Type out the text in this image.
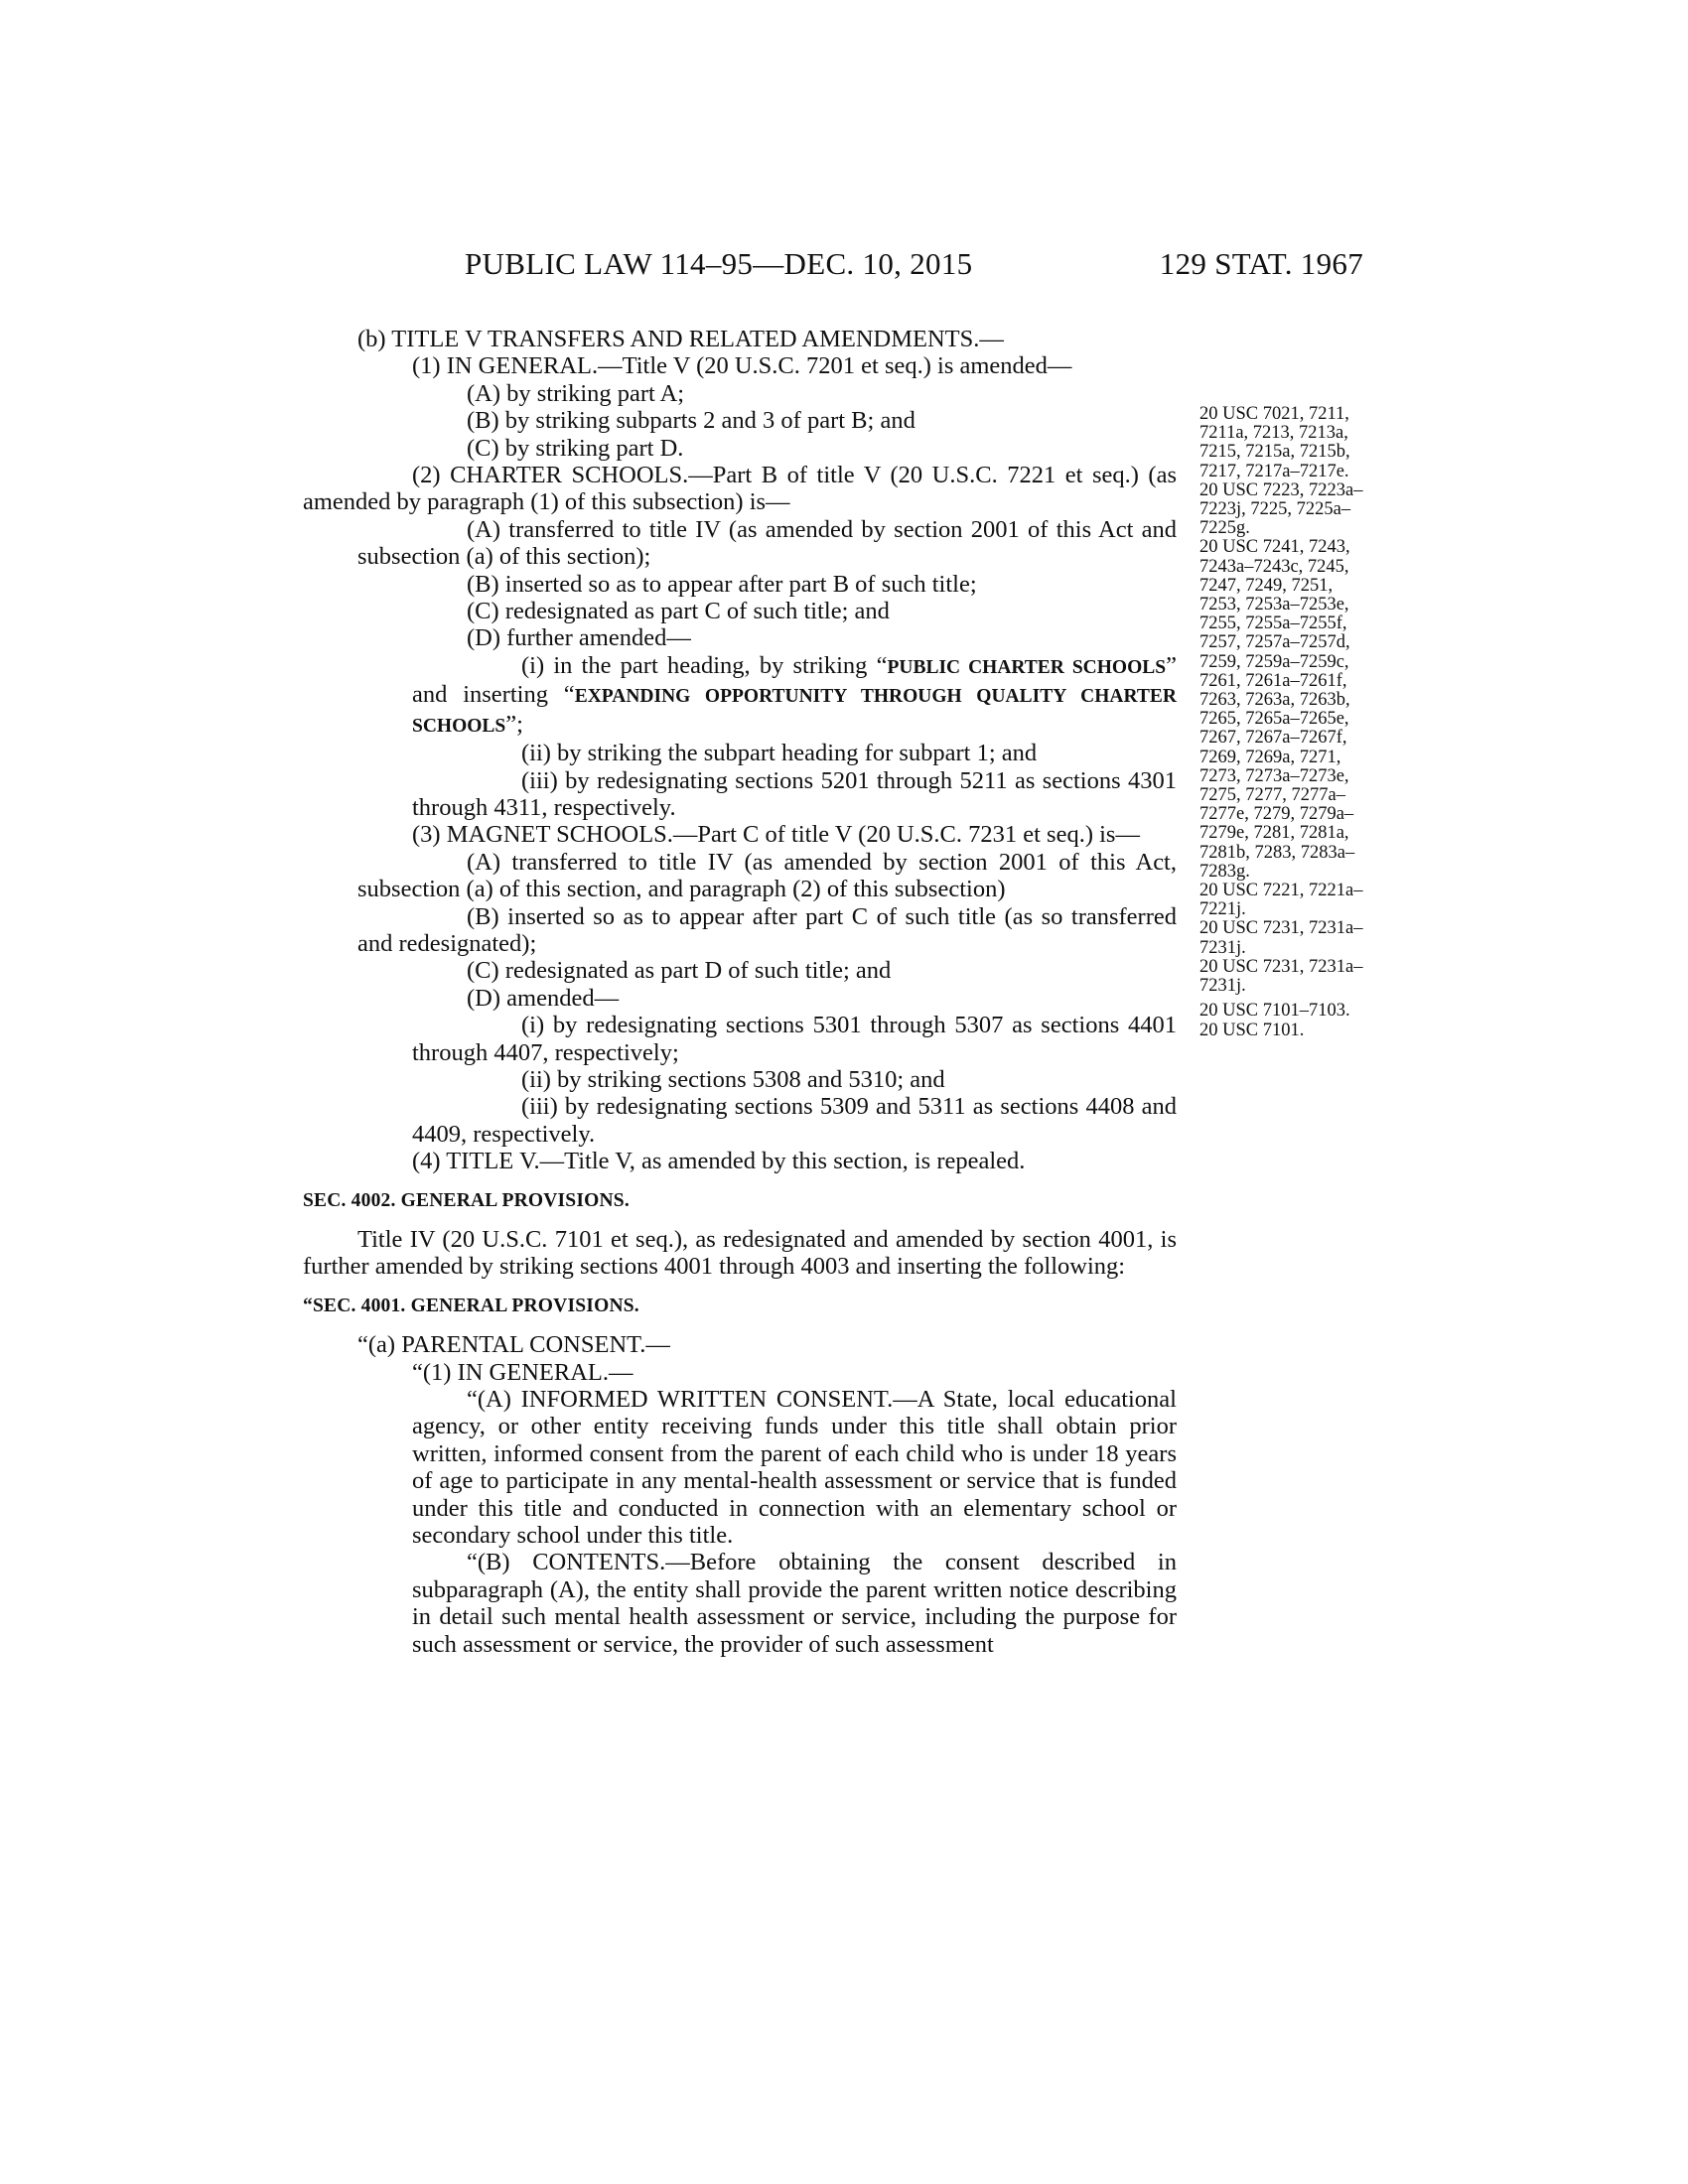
PUBLIC LAW 114–95—DEC. 10, 2015	129 STAT. 1967

(b) TITLE V TRANSFERS AND RELATED AMENDMENTS.—

(1) IN GENERAL.—Title V (20 U.S.C. 7201 et seq.) is amended—

(A) by striking part A;

(B) by striking subparts 2 and 3 of part B; and

(C) by striking part D.

(2) CHARTER SCHOOLS.—Part B of title V (20 U.S.C. 7221 et seq.) (as amended by paragraph (1) of this subsection) is—

(A) transferred to title IV (as amended by section 2001 of this Act and subsection (a) of this section);

(B) inserted so as to appear after part B of such title;

(C) redesignated as part C of such title; and

(D) further amended—

(i) in the part heading, by striking “PUBLIC CHARTER SCHOOLS” and inserting “EXPANDING OPPORTUNITY THROUGH QUALITY CHARTER SCHOOLS”;

(ii) by striking the subpart heading for subpart 1; and

(iii) by redesignating sections 5201 through 5211 as sections 4301 through 4311, respectively.

(3) MAGNET SCHOOLS.—Part C of title V (20 U.S.C. 7231 et seq.) is—

(A) transferred to title IV (as amended by section 2001 of this Act, subsection (a) of this section, and paragraph (2) of this subsection)

(B) inserted so as to appear after part C of such title (as so transferred and redesignated);

(C) redesignated as part D of such title; and

(D) amended—

(i) by redesignating sections 5301 through 5307 as sections 4401 through 4407, respectively;

(ii) by striking sections 5308 and 5310; and

(iii) by redesignating sections 5309 and 5311 as sections 4408 and 4409, respectively.

(4) TITLE V.—Title V, as amended by this section, is repealed.

SEC. 4002. GENERAL PROVISIONS.

Title IV (20 U.S.C. 7101 et seq.), as redesignated and amended by section 4001, is further amended by striking sections 4001 through 4003 and inserting the following:

“SEC. 4001. GENERAL PROVISIONS.

“(a) PARENTAL CONSENT.—

“(1) IN GENERAL.—

“(A) INFORMED WRITTEN CONSENT.—A State, local educational agency, or other entity receiving funds under this title shall obtain prior written, informed consent from the parent of each child who is under 18 years of age to participate in any mental-health assessment or service that is funded under this title and conducted in connection with an elementary school or secondary school under this title.

“(B) CONTENTS.—Before obtaining the consent described in subparagraph (A), the entity shall provide the parent written notice describing in detail such mental health assessment or service, including the purpose for such assessment or service, the provider of such assessment

20 USC 7021, 7211, 7211a, 7213, 7213a, 7215, 7215a, 7215b, 7217, 7217a–7217e.

20 USC 7223, 7223a–7223j, 7225, 7225a–7225g.

20 USC 7241, 7243, 7243a–7243c, 7245, 7247, 7249, 7251, 7253, 7253a–7253e, 7255, 7255a–7255f, 7257, 7257a–7257d, 7259, 7259a–7259c, 7261, 7261a–7261f, 7263, 7263a, 7263b, 7265, 7265a–7265e, 7267, 7267a–7267f, 7269, 7269a, 7271, 7273, 7273a–7273e, 7275, 7277, 7277a–7277e, 7279, 7279a–7279e, 7281, 7281a, 7281b, 7283, 7283a–7283g.

20 USC 7221, 7221a–7221j.

20 USC 7231, 7231a–7231j.

20 USC 7231, 7231a–7231j.

20 USC 7101–7103.

20 USC 7101.
